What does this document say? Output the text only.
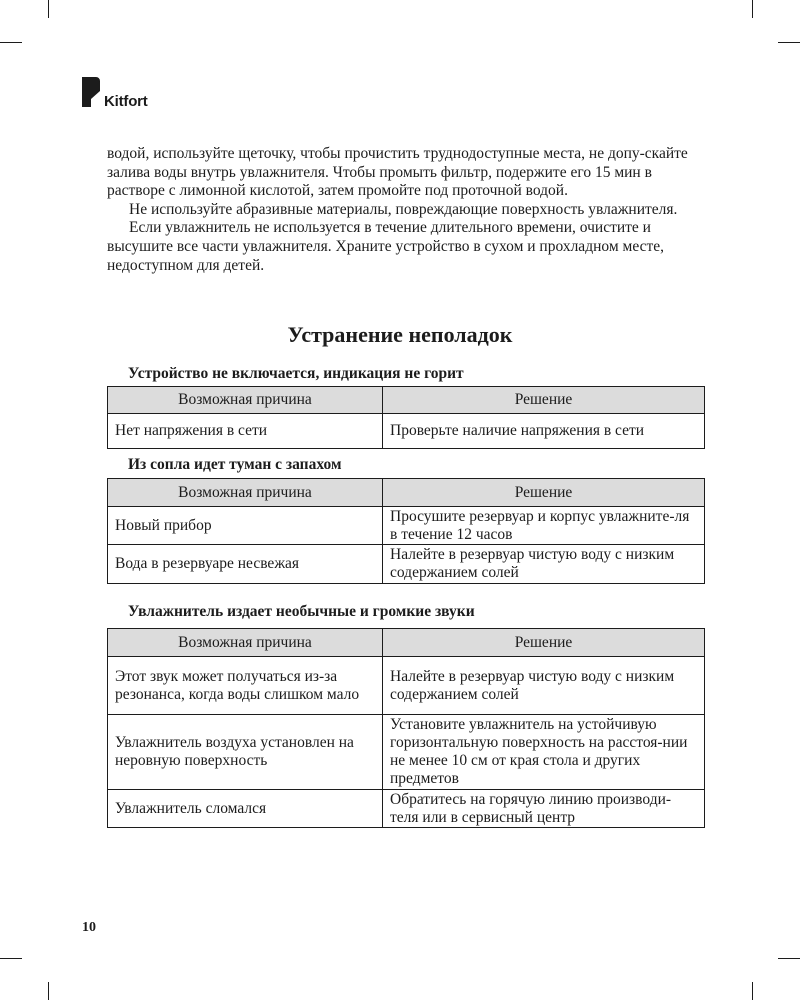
Kitfort

водой, используйте щеточку, чтобы прочистить труднодоступные места, не допу-скайте залива воды внутрь увлажнителя. Чтобы промыть фильтр, подержите его 15 мин в растворе с лимонной кислотой, затем промойте под проточной водой.

Не используйте абразивные материалы, повреждающие поверхность увлажнителя.

Если увлажнитель не используется в течение длительного времени, очистите и высушите все части увлажнителя. Храните устройство в сухом и прохладном месте, недоступном для детей.

Устранение неполадок

Устройство не включается, индикация не горит

Возможная причина	Решение
Нет напряжения в сети	Проверьте наличие напряжения в сети

Из сопла идет туман с запахом

Возможная причина	Решение
Новый прибор	Просушите резервуар и корпус увлажните-ля в течение 12 часов
Вода в резервуаре несвежая	Налейте в резервуар чистую воду с низким содержанием солей

Увлажнитель издает необычные и громкие звуки

Возможная причина	Решение
Этот звук может получаться из-за резонанса, когда воды слишком мало	Налейте в резервуар чистую воду с низким содержанием солей
Увлажнитель воздуха установлен на неровную поверхность	Установите увлажнитель на устойчивую горизонтальную поверхность на расстоя-нии не менее 10 см от края стола и других предметов
Увлажнитель сломался	Обратитесь на горячую линию производи-теля или в сервисный центр
10
